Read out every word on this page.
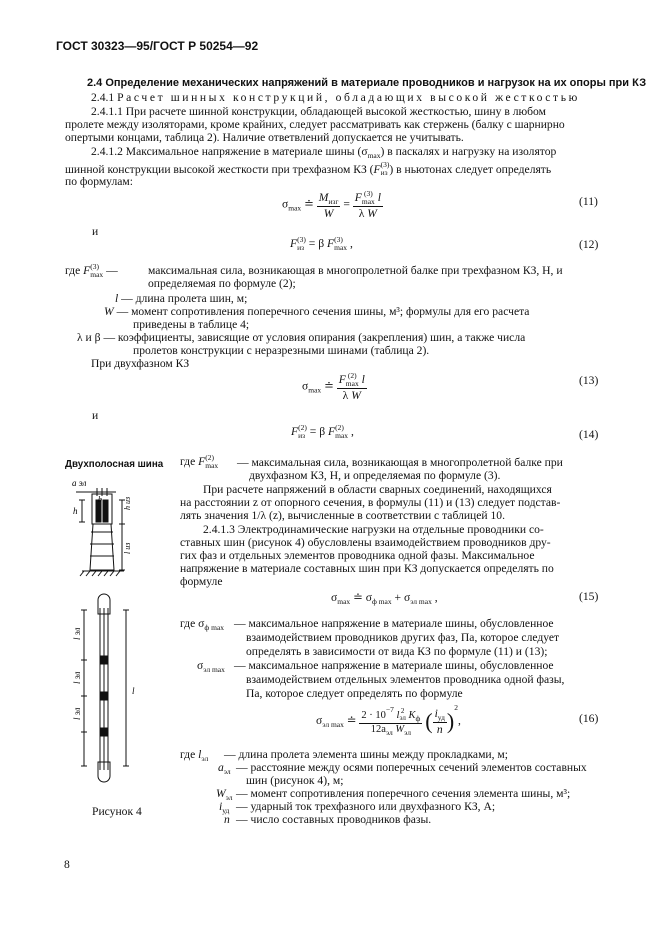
ГОСТ 30323—95/ГОСТ Р 50254—92
2.4 Определение механических напряжений в материале проводников и нагрузок на их опоры при КЗ
2.4.1 Расчет шинных конструкций, обладающих высокой жесткостью
2.4.1.1 При расчете шинной конструкции, обладающей высокой жесткостью, шину в любом
пролете между изоляторами, кроме крайних, следует рассматривать как стержень (балку с шарнирно
опертыми концами, таблица 2). Наличие ответвлений допускается не учитывать.
2.4.1.2 Максимальное напряжение в материале шины $(\sigma_{max})$ в паскалях и нагрузку на изолятор
шинной конструкции высокой жесткости при трехфазном КЗ (F (3)
из ) в ньютонах следует определять
по формулам:
$\sigma_{max}$ ≐ $\frac{M_{изг}}{W} = F$ (3)
max l
λ W	(11)
и
F (3)
из = β F (3)
max ,	(12)
где F (3)
max —	максимальная сила, возникающая в многопролетной балке при трехфазном КЗ, Н, и
определяемая по формуле (2);
l — длина пролета шин, м;
W — момент сопротивления поперечного сечения шины, м³; формулы для его расчета
приведены в таблице 4;
λ и β — коэффициенты, зависящие от условия опирания (закрепления) шин, а также числа
пролетов конструкции с неразрезными шинами (таблица 2).
При двухфазном КЗ
$\sigma_{max}$ ≐ F (2)
max l
λ W	(13)
и
F (2)
из = β F (2)
max ,	(14)
Двухполосная шина где F (2)
max — максимальная сила, возникающая в многопролетной балке при
двухфазном КЗ, Н, и определяемая по формуле (3).
При расчете напряжений в области сварных соединений, находящихся
на расстоянии z от опорного сечения, в формулы (11) и (13) следует подстав-
лять значения 1/λ (z), вычисленные в соответствии с таблицей 10.
2.4.1.3 Электродинамические нагрузки на отдельные проводники со-
ставных шин (рисунок 4) обусловлены взаимодействием проводников дру-
гих фаз и отдельных элементов проводника одной фазы. Максимальное
напряжение в материале составных шин при КЗ допускается определять по
формуле
$\sigma_{max}$ ≐ $\sigma_{ф max} + \sigma_{эл max}$ ,	(15)
где $\sigma_{ф max}$ — максимальное напряжение в материале шины, обусловленное
взаимодействием проводников других фаз, Па, которое следует
определять в зависимости от вида КЗ по формуле (11) и (13);
$\sigma_{эл max}$ — максимальное напряжение в материале шины, обусловленное
взаимодействием отдельных элементов проводника одной фазы,
Па, которое следует определять по формуле
$\sigma_{эл max}$ ≐ $2 \cdot 10^{-7}$ l 2
эл $K_ф$
$12a_{эл}$ $W_{эл}$ ( $\frac{i_{уд}}{n} )^2$,	(16)
где $l_{эл}$ — длина пролета элемента шины между прокладками, м;
$a_{эл}$ — расстояние между осями поперечных сечений элементов составных
шин (рисунок 4), м;
$W_{эл}$ — момент сопротивления поперечного сечения элемента шины, м³;
$i_{уд}$ — ударный ток трехфазного или двухфазного КЗ, А;
n — число составных проводников фазы.
a эл
b
h
h из
l из
l эл
l эл
l эл
l
Рисунок 4
8
